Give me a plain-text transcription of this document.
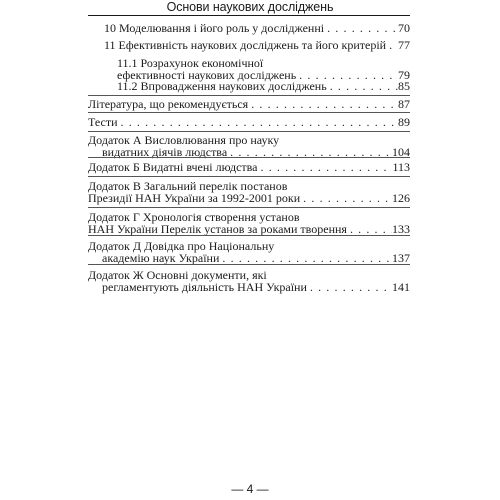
Основи наукових досліджень
10 Моделювання і його роль у дослідженні . . .	70
11 Ефективність наукових досліджень та його критерій . . . 77
11.1 Розрахунок економічної
ефективності наукових досліджень . . .	79
11.2 Впровадження наукових досліджень . . .	85
Література, що рекомендується . . .	87
Тести . . .	89
Додаток А Висловлювання про науку
видатних діячів людства . . .	104
Додаток Б Видатні вчені людства . . .	113
Додаток В Загальний перелік постанов
Президії НАН України за 1992-2001 роки . . .	126
Додаток Г Хронологія створення установ
НАН України Перелік установ за роками творення . . .	133
Додаток Д Довідка про Національну
академію наук України . . .	137
Додаток Ж Основні документи, які
регламентують діяльність НАН України . . .	141
— 4 —
